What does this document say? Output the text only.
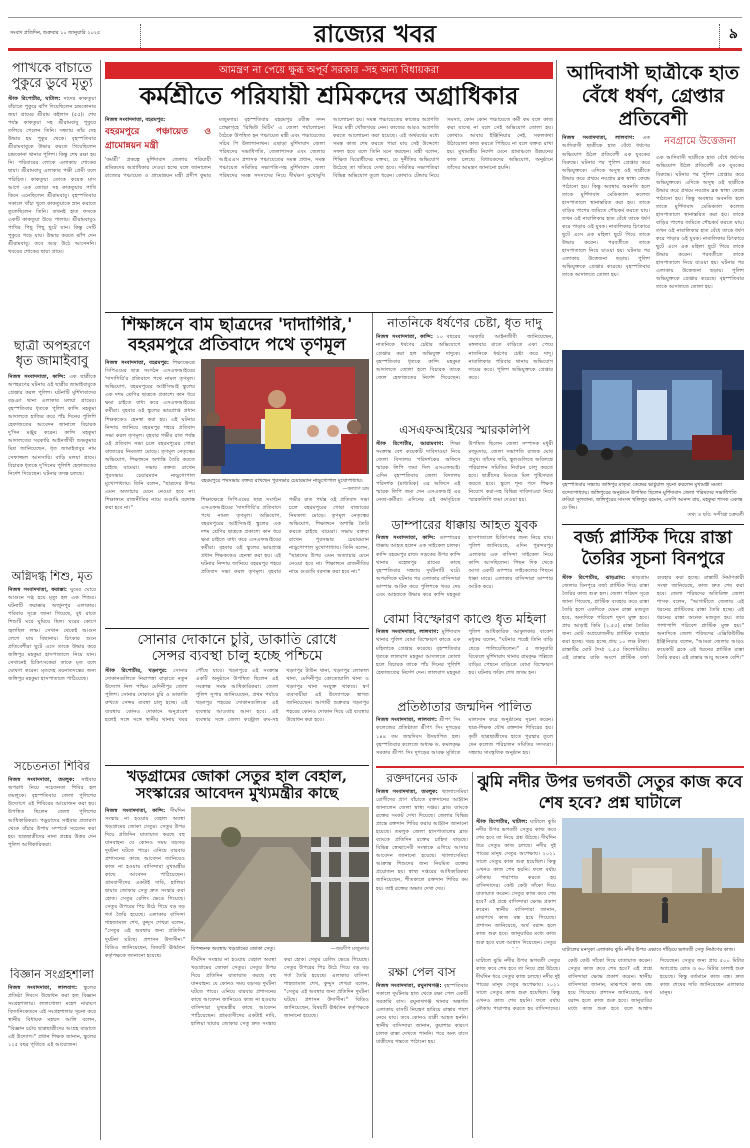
সংবাদ প্রতিদিন, শুক্রবার ১০ জানুয়ারি ২০২৫	রাজ্যের খবর	৯
পাখিকে বাঁচাতে পুকুরে ডুবে মৃত্যু
স্টাফ রিপোর্টার, ঘাটাল: দাদের কাকতুয়া বাঁচাতে পুকুরে ঝাঁপ দিয়েছিলেন চন্দ্রকোনার জয়া গ্রামের শ্রীরাম কইলাস (৫৫)। শেষ পর্যন্ত কাকতুয়া সহ শ্রীরামবাবু পুকুরে তলিয়ে গেলেন তিনি। সন্ধ্যায় তাঁর দেহ উদ্ধার হয় পুকুর থেকে। বৃহস্পতিবার শ্রীরামবাবুকে উদ্ধার করতে গিয়েছিলেন চন্দ্রকোনা থানার পুলিশ। কিন্তু শেষ রক্ষা হয় নি। পরিবারের লোকে এলাকায় শোকের ছায়া। শ্রীরামবাবু এলাকার পক্ষী প্রেমী বলে পরিচিত। কাকতুয়া তোকে কয়েক মাস আগে এক জোড়া সহ কাকতুয়ার পাখি কিনে এনেছিলেন শ্রীরামবাবু। বৃহস্পতিবার সকালে খাঁচা খুলে কাকতুয়াকে স্নান করাতে তুলেছিলেন তিনি। তখনই হাত ফসকে একটি কাকতুয়া উড়ে পালায়। শ্রীরামবাবুও পাখির পিছু পিছু ছুটে যান। কিন্তু সেটি পুকুরে পড়ে যায়। উদ্ধার করতে ঝাঁপ দেন শ্রীরামবাবু। তবে আর উঠে আসেননি। খবরের শোকের ছায়া গ্রামে।
ছাত্রী অপহরণে ধৃত জামাইবাবু
নিজস্ব সংবাদদাতা, কান্দি: এক ছাত্রীকে অপহরণের ঘটনায় ওই ছাত্রীর জামাইবাবুকে গ্রেপ্তার করল পুলিশ। ঘটনাটি মুর্শিদাবাদের বড়ঞা থানা এলাকার মলয়া গ্রামের। বৃহস্পতিবার ধৃতকে পুলিশ কান্দি মহকুমা আদালতে হাজির করে পাঁচ দিনের পুলিশি হেফাজতের আবেদন জানালে বিচারক দু'দিন মঞ্জুর করেন। কান্দি মহকুমা আদালতের সরকারি আইনজীবী শুভকুমার মিশ্র জানিয়েছেন, ধৃত জামাইবাবুর নাম সেফাজ্জল আনসারি। বাড়ি মলয়া গ্রামে। বিচারক ধৃতকে দু'দিনের পুলিশি হেফাজতের নির্দেশ দিয়েছেন। ঘটনার তদন্ত চলছে।
অগ্নিদগ্ধ শিশু, মৃত
নিজস্ব সংবাদদাতা, ফরাক্কা: ঘুমের ঘোরে আগুনে দগ্ধ হয়ে মৃত্যু হল এক শিশুর। ঘটনাটি ফরাক্কার অর্জুনপুর এলাকার। পরিবার সূত্রে জানা গিয়েছে, বুধ রাতে শিশুটি ঘরে ঘুমিয়ে ছিল। ঘরের কোণে জ্বলছিল লম্ফ। সেখান থেকেই আগুন লেগে যায় বিছানায়। চিৎকার শুনে প্রতিবেশীরা ছুটে এসে তাকে উদ্ধার করে জঙ্গিপুর মহকুমা হাসপাতালে নিয়ে যান। সেখানেই চিকিৎসকেরা তাকে মৃত বলে ঘোষণা করেন। মৃতদেহ ময়নাতদন্তের জন্য জঙ্গিপুর মহকুমা হাসপাতালে পাঠিয়েছে।
সচেতনতা শিবির
নিজস্ব সংবাদদাতা, তমলুক: সাইবার অপরাধ নিয়ে সচেতনতা শিবির হল তমলুকে। বৃহস্পতিবার জেলা পুলিশের উদ্যোগে এই শিবিরের আয়োজন করা হয়। উপস্থিত ছিলেন জেলা পুলিশের আধিকারিকরা। পড়ুয়াদের সাইবার প্রতারণা থেকে বাঁচার উপায় সম্পর্কে সচেতন করা হয়। ছাত্রছাত্রীদের নানা প্রশ্নের উত্তর দেন পুলিশ আধিকারিকরা।
বিজ্ঞান সংগ্রহশালা
নিজস্ব সংবাদদাতা, লালবাগ: স্কুলের প্রতিষ্ঠা দিবসে উদ্বোধন করা হল বিজ্ঞান সংগ্রহশালার। লালগোলা মহেশ নারায়ণ বিদ্যানিকেতনে এই সংগ্রহশালার সূচনা করে স্থানীয় বিধায়ক মহম্মদ আলি বলেন, "বিজ্ঞান চর্চায় ছাত্রছাত্রীদের আগ্রহ বাড়াতে এই উদ্যোগ।" প্রধান শিক্ষক জানান, স্কুলের ১২৫ বছর পূর্তিতে এই আয়োজন।
আমন্ত্রণ না পেয়ে ক্ষুব্ধ অপূর্ব সরকার -সহ অন্য বিধায়করা
কর্মশ্রীতে পরিযায়ী শ্রমিকদের অগ্রাধিকার
নিজস্ব সংবাদদাতা, বহরমপুর:
বহরমপুরে পঞ্চায়েত ও গ্রামোন্নয়ন মন্ত্রী
'কর্মশ্রী' প্রকল্পে মুর্শিদাবাদ জেলার পরিযায়ী শ্রমিকদের অগ্রাধিকার দেওয়া হচ্ছে বলে জানালেন রাজ্যের পঞ্চায়েত ও গ্রামোন্নয়ন মন্ত্রী প্রদীপ কুমার মজুমদার। বৃহস্পতিবার বহরমপুর রবীন্দ্র সদন প্রেক্ষাগৃহে 'রিভিউ মিটিং' এ জেলা পর্যালোচনা বৈঠকে উপস্থিত হন পঞ্চায়েত মন্ত্রী এবং পঞ্চায়েতের সচিব পি উলাগানাথন। এছাড়া মুর্শিদাবাদ জেলা পরিষদের সভাধিপতি, জেলাশাসক এবং জেলার আইএএস প্রশাসক পঞ্চায়েতের সমস্ত প্রধান, সমস্ত পঞ্চায়েত সমিতির সভাপতি-সহ মুর্শিদাবাদ জেলা পরিষদের সমস্ত সদস্যদের নিয়ে দীর্ঘক্ষণ মুখোমুখি আলোচনা হয়। সমস্ত পঞ্চায়েতের কাজের অগ্রগতি নিয়ে মন্ত্রী খোঁজখবর নেন। কাজের আরও অগ্রগতি করতে আলোচনা করা হয়েছে। এই অর্থবর্ষের মধ্যে সমস্ত কাজ শেষ করতে পারা যায় সেই উদ্দেশ্যে সফল হবে বলে তিনি মনে করছেন। মন্ত্রী বলেন, শিক্ষিত বিরোধীদের বক্তব্য, যে দুর্নীতির অভিযোগ উঠেছে তা খতিয়ে দেখা হবে। সমিতির সভাপতিরা বিভিন্ন অভিযোগ তুলে ধরেন। কোথাও টেন্ডার নিয়ে সমস্যা, কোন কোন পঞ্চায়েতে কর্মী কম বলে কাজ করা যাচ্ছে না বলে সেই অভিযোগ তোলা হয়। কোথাও আবার ইঞ্জিনিয়ার নেই, সকলকথা উঠায়োলা কাজ করতে পিছিয়ে না বলে বক্তব্য রাখা হয়। মুখ্যমন্ত্রীর নির্দেশ মেনে গ্রামাঞ্চলে উন্নয়নের কাজ চলছে। বিধায়কদের অভিযোগ, অনুষ্ঠানে তাঁদের আমন্ত্রণ জানানো হয়নি।
আদিবাসী ছাত্রীকে হাত বেঁধে ধর্ষণ, গ্রেপ্তার প্রতিবেশী
নিজস্ব সংবাদদাতা, লালবাগ: এক আদিবাসী ছাত্রীকে হাত বেঁধে ধর্ষণের অভিযোগ উঠল প্রতিবেশী এক যুবকের বিরুদ্ধে। ঘটনার পর পুলিশ গ্রেপ্তার করে অভিযুক্তকে। এদিকে অসুস্থ ওই ছাত্রীকে উদ্ধার করে প্রথমে নবগ্রাম ব্লক স্বাস্থ্য কেন্দ্রে পাঠানো হয়। কিন্তু অবস্থার অবনতি হলে তাকে মুর্শিদাবাদ মেডিক্যাল কলেজ হাসপাতালে স্থানান্তরিত করা হয়। তাকে বাড়ির পাশের জমিতে শৌচকর্ম করতে যায়। তখন ওই নাবালিকার হাত বেঁধে তাকে ধর্ষণ করে পাড়ার ওই যুবক। নাবালিকার চিৎকারে ছুটে এসে এক মহিলা ছুটে গিয়ে তাকে উদ্ধার করেন। পরবর্তীতে তাকে হাসপাতালে নিয়ে যাওয়া হয়। ঘটনার পর এলাকায় উত্তেজনা ছড়ায়। পুলিশ অভিযুক্তকে গ্রেপ্তার করেছে। বৃহস্পতিবার তাকে আদালতে তোলা হয়।
নবগ্রামে উত্তেজনা
এক আদিবাসী ছাত্রীকে হাত বেঁধে ধর্ষণের অভিযোগ উঠল প্রতিবেশী এক যুবকের বিরুদ্ধে। ঘটনার পর পুলিশ গ্রেপ্তার করে অভিযুক্তকে। এদিকে অসুস্থ ওই ছাত্রীকে উদ্ধার করে প্রথমে নবগ্রাম ব্লক স্বাস্থ্য কেন্দ্রে পাঠানো হয়। কিন্তু অবস্থার অবনতি হলে তাকে মুর্শিদাবাদ মেডিক্যাল কলেজ হাসপাতালে স্থানান্তরিত করা হয়। তাকে বাড়ির পাশের জমিতে শৌচকর্ম করতে যায়। তখন ওই নাবালিকার হাত বেঁধে তাকে ধর্ষণ করে পাড়ার ওই যুবক। নাবালিকার চিৎকারে ছুটে এসে এক মহিলা ছুটে গিয়ে তাকে উদ্ধার করেন। পরবর্তীতে তাকে হাসপাতালে নিয়ে যাওয়া হয়। ঘটনার পর এলাকায় উত্তেজনা ছড়ায়। পুলিশ অভিযুক্তকে গ্রেপ্তার করেছে। বৃহস্পতিবার তাকে আদালতে তোলা হয়।
বৃহস্পতিবার সন্ধ্যায় জঙ্গিপুর মাতৃমা কেন্দ্রের ভার্চুয়াল সূচনা করলেন মুখ্যমন্ত্রী মমতা বন্দ্যোপাধ্যায়। জঙ্গিপুরের অনুষ্ঠানে উপস্থিত ছিলেন মুর্শিদাবাদ জেলা পরিষদের সভাধিপতি রুবিয়া সুলতানা, জঙ্গিপুরের সাংসদ খলিলুর রহমান, এসপি আনন্দ রায়, মহকুমা শাসক একান্ত ঢে সিং।
তথ্য ও ছবি: সন্দীপ্তা চক্রবর্তী
বর্জ্য প্লাস্টিক দিয়ে রাস্তা তৈরির সূচনা বিনপুরে
স্টাফ রিপোর্টার, ঝাড়গ্রাম: ঝাড়গ্রাম জেলার বিনপুরে বর্জ্য প্লাস্টিক দিয়ে রাস্তা তৈরির কাজ শুরু হল। জেলা পরিষদ সূত্রে জানা গিয়েছে, প্লাস্টিক ব্যবহার করে রাস্তা তৈরি হলে একদিকে যেমন রাস্তা মজবুত হবে, অন্যদিকে পরিবেশ দূষণ মুক্ত হবে। প্রায় আড়াই কিমি (২.৫৫) রাস্তা তৈরির জন্য মোট অপ্রয়োজনীয় প্লাস্টিক ব্যবহার করা হচ্ছে। খরচ হচ্ছে প্রায় ১০ লক্ষ টাকা। রাস্তাটির মোট দৈর্ঘ্য ২.৫৫ কিলোমিটার। এই রাস্তার বাকি অংশে প্লাস্টিক বর্জ্য ব্যবহার করা হচ্ছে। রাস্তাটি নির্মাণকারী সংস্থা জানিয়েছে, কাজ দ্রুত শেষ করা হবে। জেলা পরিষদের অতিরিক্ত জেলা শাসক বলেন, "আগামীতে জেলায় এই ধরনের প্লাস্টিকের রাস্তা তৈরি হচ্ছে। এই ধরনের রাস্তা অনেক মজবুত হয়। তার পাশাপাশি পরিবেশ প্লাস্টিক মুক্ত হয়।" অন্যদিকে জেলা পরিষদের এক্সিকিউটিভ ইঞ্জিনিয়ার বলেন, "আমরা জেলার আরও কয়েকটি ব্লকে এই ধরনের প্লাস্টিক রাস্তা তৈরি করব। এই রাস্তার আয়ু অনেক বেশি।"
শিক্ষাঙ্গনে বাম ছাত্রদের 'দাদাগিরি,'
বহরমপুরে প্রতিবাদে পথে তৃণমূল
নিজস্ব সংবাদদাতা, বহরমপুর: শিক্ষাক্ষেত্রে সিপিএমের ছাত্র সংগঠন এসএফআইয়ের 'দাদাগিরি'র প্রতিবাদে পথে নামল তৃণমূল। অভিযোগ, বহরমপুরের আইসিআই স্কুলের এক দশম শ্রেণির ছাত্রকে প্রকাশ্যে কান ধরে ক্ষমা চাইতে বাধ্য করে এসএফআইয়ের কর্মীরা। বৃহবার ওই স্কুলের ভারপ্রাপ্ত প্রধান শিক্ষককেও হেনস্থা করা হয়। এই ঘটনার নিন্দায় জানিয়ে বহরমপুর শহরে প্রতিবাদ সভা করল তৃণমূল। বৃহবার গভীর রাত পর্যন্ত ওই প্রতিবাদ সভা চলে বহরমপুরের গোরা বাজারের নিমতলা মোড়ে। তৃণমূল নেতৃত্বের অভিযোগ, শিক্ষাঙ্গনে অশান্তি তৈরি করতে চাইছে বামেরা। সভায় বক্তব্য রাখেন পুরসভার চেয়ারম্যান নাড়ুগোপাল মুখোপাধ্যায়। তিনি বলেন, "ছাত্রদের উপর এমন অত্যাচার মেনে নেওয়া হবে না। শিক্ষাঙ্গনে রাজনীতির নামে গুণ্ডামি বরদাস্ত করা হবে না।"
বহরমপুরে পথসভায় বক্তব্য রাখছেন পুরসভার চেয়ারম্যান নাড়ুগোপাল মুখোপাধ্যায়।
—কল্যাণ চন্দ্র
শিক্ষাক্ষেত্রে সিপিএমের ছাত্র সংগঠন এসএফআইয়ের 'দাদাগিরি'র প্রতিবাদে পথে নামল তৃণমূল। অভিযোগ, বহরমপুরের আইসিআই স্কুলের এক দশম শ্রেণির ছাত্রকে প্রকাশ্যে কান ধরে ক্ষমা চাইতে বাধ্য করে এসএফআইয়ের কর্মীরা। বৃহবার ওই স্কুলের ভারপ্রাপ্ত প্রধান শিক্ষককেও হেনস্থা করা হয়। এই ঘটনার নিন্দায় জানিয়ে বহরমপুর শহরে প্রতিবাদ সভা করল তৃণমূল। বৃহবার গভীর রাত পর্যন্ত ওই প্রতিবাদ সভা চলে বহরমপুরের গোরা বাজারের নিমতলা মোড়ে। তৃণমূল নেতৃত্বের অভিযোগ, শিক্ষাঙ্গনে অশান্তি তৈরি করতে চাইছে বামেরা। সভায় বক্তব্য রাখেন পুরসভার চেয়ারম্যান নাড়ুগোপাল মুখোপাধ্যায়। তিনি বলেন, "ছাত্রদের উপর এমন অত্যাচার মেনে নেওয়া হবে না। শিক্ষাঙ্গনে রাজনীতির নামে গুণ্ডামি বরদাস্ত করা হবে না।"
নাতনিকে ধর্ষণের চেষ্টা, ধৃত দাদু
নিজস্ব সংবাদদাতা, কান্দি: ১০ বছরের নাতনিকে ধর্ষণের চেষ্টার অভিযোগে গ্রেপ্তার করা হল অভিযুক্ত দাদুকে। বৃহস্পতিবার ধৃতকে কান্দি মহকুমা আদালতে তোলা হলে বিচারক তাকে জেল হেফাজতের নির্দেশ দিয়েছেন। সরকারি আইনজীবী জানিয়েছেন, মঙ্গলবার রাতে বাড়িতে একা পেয়ে নাতনিকে ধর্ষণের চেষ্টা করে দাদু। নাবালিকার পরিবার থানায় অভিযোগ দায়ের করে। পুলিশ অভিযুক্তকে গ্রেপ্তার করে।
এসএফআইয়ের স্মারকলিপি
স্টাফ রিপোর্টার, আরামবাগ: শিক্ষা সংক্রান্ত বেশ কয়েকটি দাবিদাওয়া নিয়ে জেলা বিদ্যালয় পরিদর্শকের অফিসে স্মারক লিপি জমা দিল এসএফআই। এদিন বৃহস্পতিবার জেলা বিদ্যালয় পরিদর্শক (মাধ্যমিক) এর অফিসে এই স্মারক লিপি জমা দেন এসএফআই এর নেতা-কর্মীরা। এদিনের এই কর্মসূচিতে উপস্থিত ছিলেন জেলা সম্পাদক মধুরী মজুমদার, জেলা সভাপতি রাজক ঘোষ প্রমুখ। তাঁদের দাবি, স্কুলগুলিতে অবিলম্বে পরিচালন সমিতির নির্বাচন চালু করতে হবে। ছাত্রীদের মিডডে মিল পুষ্টিসম্মত করতে হবে। স্কুলে শূন্য পদে শিক্ষক নিয়োগ করা-সহ বিভিন্ন দাবিদাওয়া নিয়ে স্মারকলিপি জমা দেওয়া হয়।
ডাম্পারের ধাক্কায় আহত যুবক
নিজস্ব সংবাদদাতা, কান্দি: ডাম্পারের ধাক্কায় আহত হলেন এক সাইকেল চালক। কান্দি বহরমপুর রাজ্য সড়কের উপর কান্দি থানার মহেন্দ্রপুর গ্রামের কাছে বৃহস্পতিবার সন্ধ্যায় দুর্ঘটনাটি ঘটে। অপরদিকে ঘটনার পর এলাকার বাসিন্দারা ডাম্পার আটক করে পুলিশকে খবর দেয় এবং আহতকে উদ্ধার করে কান্দি মহকুমা হাসপাতালে চিকিৎসার জন্য নিয়ে যায়। পুলিশ জানিয়েছে, এদিন পুরন্দরপুর এলাকার এক বাসিন্দা সাইকেল নিয়ে কান্দি আসছিলেন। পিছন দিক থেকে আসা একটি ডাম্পার সাইকেলের পিছনে ধাক্কা মারে। এলাকার বাসিন্দারা ডাম্পার আটক করে।
বোমা বিস্ফোরণ কাণ্ডে ধৃত মহিলা
নিজস্ব সংবাদদাতা, লালবাগ: মুর্শিদাবাদ থানার পুলিশ বোমা বিস্ফোরণ কাণ্ডে এক মহিলাকে গ্রেপ্তার করেছে। বৃহস্পতিবার ধৃতকে লালবাগ মহকুমা আদালতে তোলা হলে বিচারক তাকে পাঁচ দিনের পুলিশি হেফাজতের নির্দেশ দেন। লালবাগ মহকুমা পুলিশ আধিকারিক আকুলকার বাকেশ মধুকর বলেন, "ঘটনার পরেই তিনি বাড়ি ছেড়ে পালিয়েছিলেন।" ৫ জানুয়ারি বিকেলে মুর্শিদাবাদ থানার রামকৃষ্ণ পল্লিতে বাড়ির পেছনে বাড়িতে বোমা বিস্ফোরণ হয়। ঘটনায় ফরিদ শেখ জখম হন।
প্রতিষ্ঠাতার জন্মদিন পালিত
নিজস্ব সংবাদদাতা, লালবাগ: শ্রীপৎ সিং কলেজের প্রতিষ্ঠাতা শ্রীপৎ সিং দুগড়ের ১৪৪ তম জন্মদিবস উদযাপিত হল। বৃহস্পতিবার কলেজে অধ্যক্ষ ড. কমলকৃষ্ণ সরকার শ্রীপৎ সিং দুগড়ের আবক্ষ মূর্তিতে মাল্যদান করে অনুষ্ঠানের সূচনা করেন। ছাত্র-শিক্ষক যৌথ রক্তদান শিবিরের হয়। কৃতী ছাত্রছাত্রীদের হাতে পুরস্কার তুলে দেন কলেজ পরিচালন সমিতির সদস্যরা। সন্ধ্যায় সাংস্কৃতিক অনুষ্ঠান হয়।
সোনার দোকানে চুরি, ডাকাতি রোধে
সেন্সর ব্যবস্থা চালু হচ্ছে পশ্চিমে
স্টাফ রিপোর্টার, খড়্গপুর: সোনার দোকানগুলিতে নিরাপত্তা বাড়াতে নতুন উদ্যোগ নিল পশ্চিম মেদিনীপুর জেলা পুলিশ। সোনার দোকানে চুরি ও ডাকাতি রুখতে সেন্সর ব্যবস্থা চালু হচ্ছে। এই ব্যবস্থায় কোনও দোকানে অনুপ্রবেশ হলেই সঙ্গে সঙ্গে স্থানীয় থানায় খবর পৌঁছে যাবে। খড়্গপুরে এই সংক্রান্ত একটি অনুষ্ঠানে উপস্থিত ছিলেন এই সংক্রান্ত সমস্ত আধিকারিকরা। জেলা পুলিশ সুপার জানিয়েছেন, প্রথম পর্যায়ে খড়্গপুর শহরের দোকানগুলিকে এই ব্যবস্থার আওতায় আনা হবে। এই ব্যবস্থার সঙ্গে জেলা কন্ট্রোল রুম-সহ খড়্গপুর টাউন থানা, খড়্গপুর লোকাল থানা, মেদিনীপুর কোতোয়ালি থানা ও খড়্গপুর থানা সংযুক্ত থাকবে। স্বর্ণ ব্যবসায়ীরা এই উদ্যোগকে স্বাগত জানিয়েছেন। আগামী শুক্রবার খড়্গপুর শহরের কোনও দোকান দিয়ে এই ব্যবস্থার উদ্বোধন করা হবে।
রক্তদানের ডাক
নিজস্ব সংবাদদাতা, তমলুক: থ্যালাসেমিয়া রোগীদের প্রাণ বাঁচাতে রক্তদানের আহ্বান জানালেন জেলা স্বাস্থ্য দপ্তর। ব্লাড ব্যাংকে রক্তের সংকট দেখা দিয়েছে। জেলার বিভিন্ন প্রান্তে রক্তদান শিবির করার আহ্বান জানানো হয়েছে। তমলুক জেলা হাসপাতালের ব্লাড ব্যাংকে প্রতিদিন রক্তের চাহিদা বাড়ছে। বিভিন্ন স্বেচ্ছাসেবী সংস্থাকে এগিয়ে আসার আবেদন জানানো হয়েছে। থ্যালাসেমিয়া আক্রান্ত শিশুদের জন্য নিয়মিত রক্তের প্রয়োজন হয়। স্বাস্থ্য দপ্তরের আধিকারিকরা জানিয়েছেন, শীতকালে রক্তদান শিবির কম হয়। তাই রক্তের অভাব দেখা দেয়।
রক্ষা পেল বাস
নিজস্ব সংবাদদাতা, রঘুনাথগঞ্জ: বৃহস্পতিবার সকালে দুর্ঘটনার হাত থেকে রক্ষা পেল একটি সরকারি বাস। রঘুনাথগঞ্জ থানার অন্তর্গত এলাকায় বাসটি নিয়ন্ত্রণ হারিয়ে রাস্তার পাশে নেমে যায়। তবে কোনও যাত্রী আহত হননি। স্থানীয় বাসিন্দারা জানান, কুয়াশার কারণে চালক রাস্তা দেখতে পাননি। পরে অন্য বাসে যাত্রীদের গন্তব্যে পাঠানো হয়।
ঝুমি নদীর উপর ভগবতী সেতুর কাজ কবে শেষ হবে? প্রশ্ন ঘাটালে
স্টাফ রিপোর্টার, ঘাটাল: ঘাটালে ঝুমি নদীর উপর ভগবতী সেতুর কাজ কবে শেষ হবে তা নিয়ে প্রশ্ন উঠছে। দীর্ঘদিন ধরে সেতুর কাজ চলছে। নদীর দুই পারের মানুষ সেতুর অপেক্ষায়। ২০২১ সালে সেতুর কাজ শুরু হয়েছিল। কিন্তু এখনও কাজ শেষ হয়নি। ফলে বর্ষায় নৌকায় পারাপার করতে হয় বাসিন্দাদের। কেউ কেউ সাঁকো দিয়ে যাতায়াত করেন। সেতুর কাজ কবে শেষ হবে? এই প্রশ্নে বাসিন্দারা ক্ষোভ প্রকাশ করেন। স্থানীয় বাসিন্দারা জানান, মাঝপথে কাজ বন্ধ হয়ে গিয়েছে। প্রশাসন জানিয়েছে, অর্থ বরাদ্দ হলে কাজ শুরু হবে। জানুয়ারির মধ্যে কাজ শুরু হবে বলে আশ্বাস দিয়েছেন। সেতুর
ঘাটালের মনসুকা এলাকায় ঝুমি নদীর উপর এভাবে দাঁড়িয়ে ভগবতী সেতু নির্মাণের কাজ।
ঘাটালে ঝুমি নদীর উপর ভগবতী সেতুর কাজ কবে শেষ হবে তা নিয়ে প্রশ্ন উঠছে। দীর্ঘদিন ধরে সেতুর কাজ চলছে। নদীর দুই পারের মানুষ সেতুর অপেক্ষায়। ২০২১ সালে সেতুর কাজ শুরু হয়েছিল। কিন্তু এখনও কাজ শেষ হয়নি। ফলে বর্ষায় নৌকায় পারাপার করতে হয় বাসিন্দাদের। কেউ কেউ সাঁকো দিয়ে যাতায়াত করেন। সেতুর কাজ কবে শেষ হবে? এই প্রশ্নে বাসিন্দারা ক্ষোভ প্রকাশ করেন। স্থানীয় বাসিন্দারা জানান, মাঝপথে কাজ বন্ধ হয়ে গিয়েছে। প্রশাসন জানিয়েছে, অর্থ বরাদ্দ হলে কাজ শুরু হবে। জানুয়ারির মধ্যে কাজ শুরু হবে বলে আশ্বাস দিয়েছেন। সেতুর জন্য প্রায় ৫০০ মিটার অ্যাপ্রোচ রোড ও ৬০ মিটার ঢালাই শুরু হয়েছে। কিন্তু বর্তমানে কাজ বন্ধ। দ্রুত কাজ শেষের দাবি জানিয়েছেন এলাকার মানুষ।
খড়গ্রামের জোকা সেতুর হাল বেহাল,
সংস্কারের আবেদন মুখ্যমন্ত্রীর কাছে
নিজস্ব সংবাদদাতা, কান্দি: দীর্ঘদিন সংস্কার না হওয়ায় বেহাল অবস্থা খড়গ্রামের জোকা সেতুর। সেতুর উপর দিয়ে প্রতিদিন যাতায়াত করছে বহু যানবাহন। যে কোনও সময় বড়সড় দুর্ঘটনা ঘটতে পারে। এনিয়ে বারবার প্রশাসনের কাছে আবেদন জানিয়েও কাজ না হওয়ায় বাসিন্দারা মুখ্যমন্ত্রীর কাছে আবেদন পাঠিয়েছেন। গ্রামবাসীদের একটাই দাবি, হালিয়া ছায়ার জোকার সেতু দ্রুত সংস্কার করা হোক। সেতুর রেলিং ভেঙে গিয়েছে। সেতুর উপরের পিচ উঠে গিয়ে বড় বড় গর্ত তৈরি হয়েছে। এলাকার বাসিন্দা শাহজামাল শেখ, কুদ্দুস শেখরা বলেন, "সেতুর এই অবস্থার জন্য প্রতিদিন দুর্ঘটনা ঘটছে। প্রশাসন উদাসীন।" বিডিও জানিয়েছেন, বিষয়টি ঊর্ধ্বতন কর্তৃপক্ষকে জানানো হয়েছে।
বিপজ্জনক অবস্থায় খড়গ্রামের জোকা সেতু।	—জয়দীপ মজুমদার
দীর্ঘদিন সংস্কার না হওয়ায় বেহাল অবস্থা খড়গ্রামের জোকা সেতুর। সেতুর উপর দিয়ে প্রতিদিন যাতায়াত করছে বহু যানবাহন। যে কোনও সময় বড়সড় দুর্ঘটনা ঘটতে পারে। এনিয়ে বারবার প্রশাসনের কাছে আবেদন জানিয়েও কাজ না হওয়ায় বাসিন্দারা মুখ্যমন্ত্রীর কাছে আবেদন পাঠিয়েছেন। গ্রামবাসীদের একটাই দাবি, হালিয়া ছায়ার জোকার সেতু দ্রুত সংস্কার করা হোক। সেতুর রেলিং ভেঙে গিয়েছে। সেতুর উপরের পিচ উঠে গিয়ে বড় বড় গর্ত তৈরি হয়েছে। এলাকার বাসিন্দা শাহজামাল শেখ, কুদ্দুস শেখরা বলেন, "সেতুর এই অবস্থার জন্য প্রতিদিন দুর্ঘটনা ঘটছে। প্রশাসন উদাসীন।" বিডিও জানিয়েছেন, বিষয়টি ঊর্ধ্বতন কর্তৃপক্ষকে জানানো হয়েছে।
